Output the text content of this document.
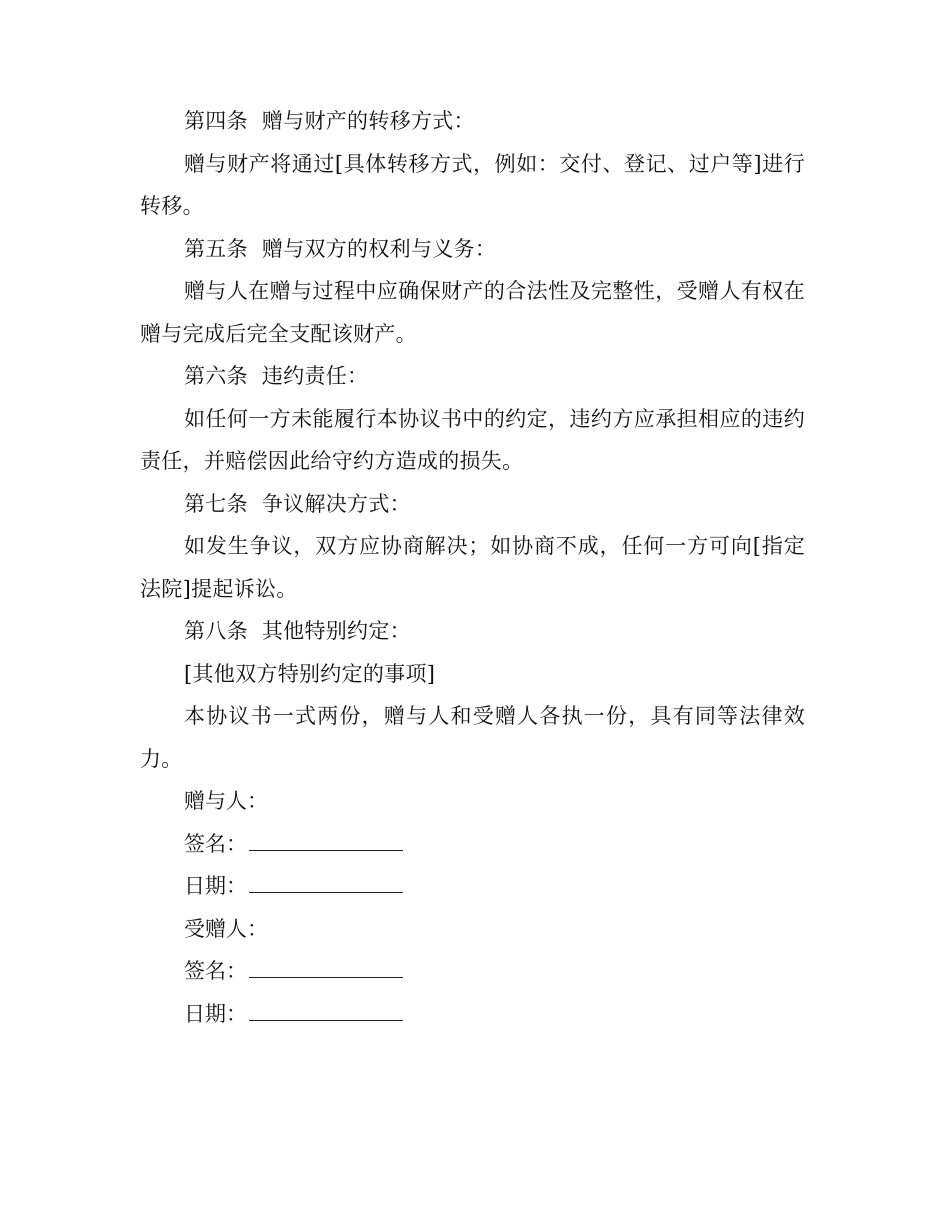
第四条  赠与财产的转移方式：

赠与财产将通过[具体转移方式，例如：交付、登记、过户等]进行转移。

第五条  赠与双方的权利与义务：

赠与人在赠与过程中应确保财产的合法性及完整性，受赠人有权在赠与完成后完全支配该财产。

第六条  违约责任：

如任何一方未能履行本协议书中的约定，违约方应承担相应的违约责任，并赔偿因此给守约方造成的损失。

第七条  争议解决方式：

如发生争议，双方应协商解决；如协商不成，任何一方可向[指定法院]提起诉讼。

第八条  其他特别约定：

[其他双方特别约定的事项]

本协议书一式两份，赠与人和受赠人各执一份，具有同等法律效力。

赠与人：

签名：

日期：

受赠人：

签名：

日期：
